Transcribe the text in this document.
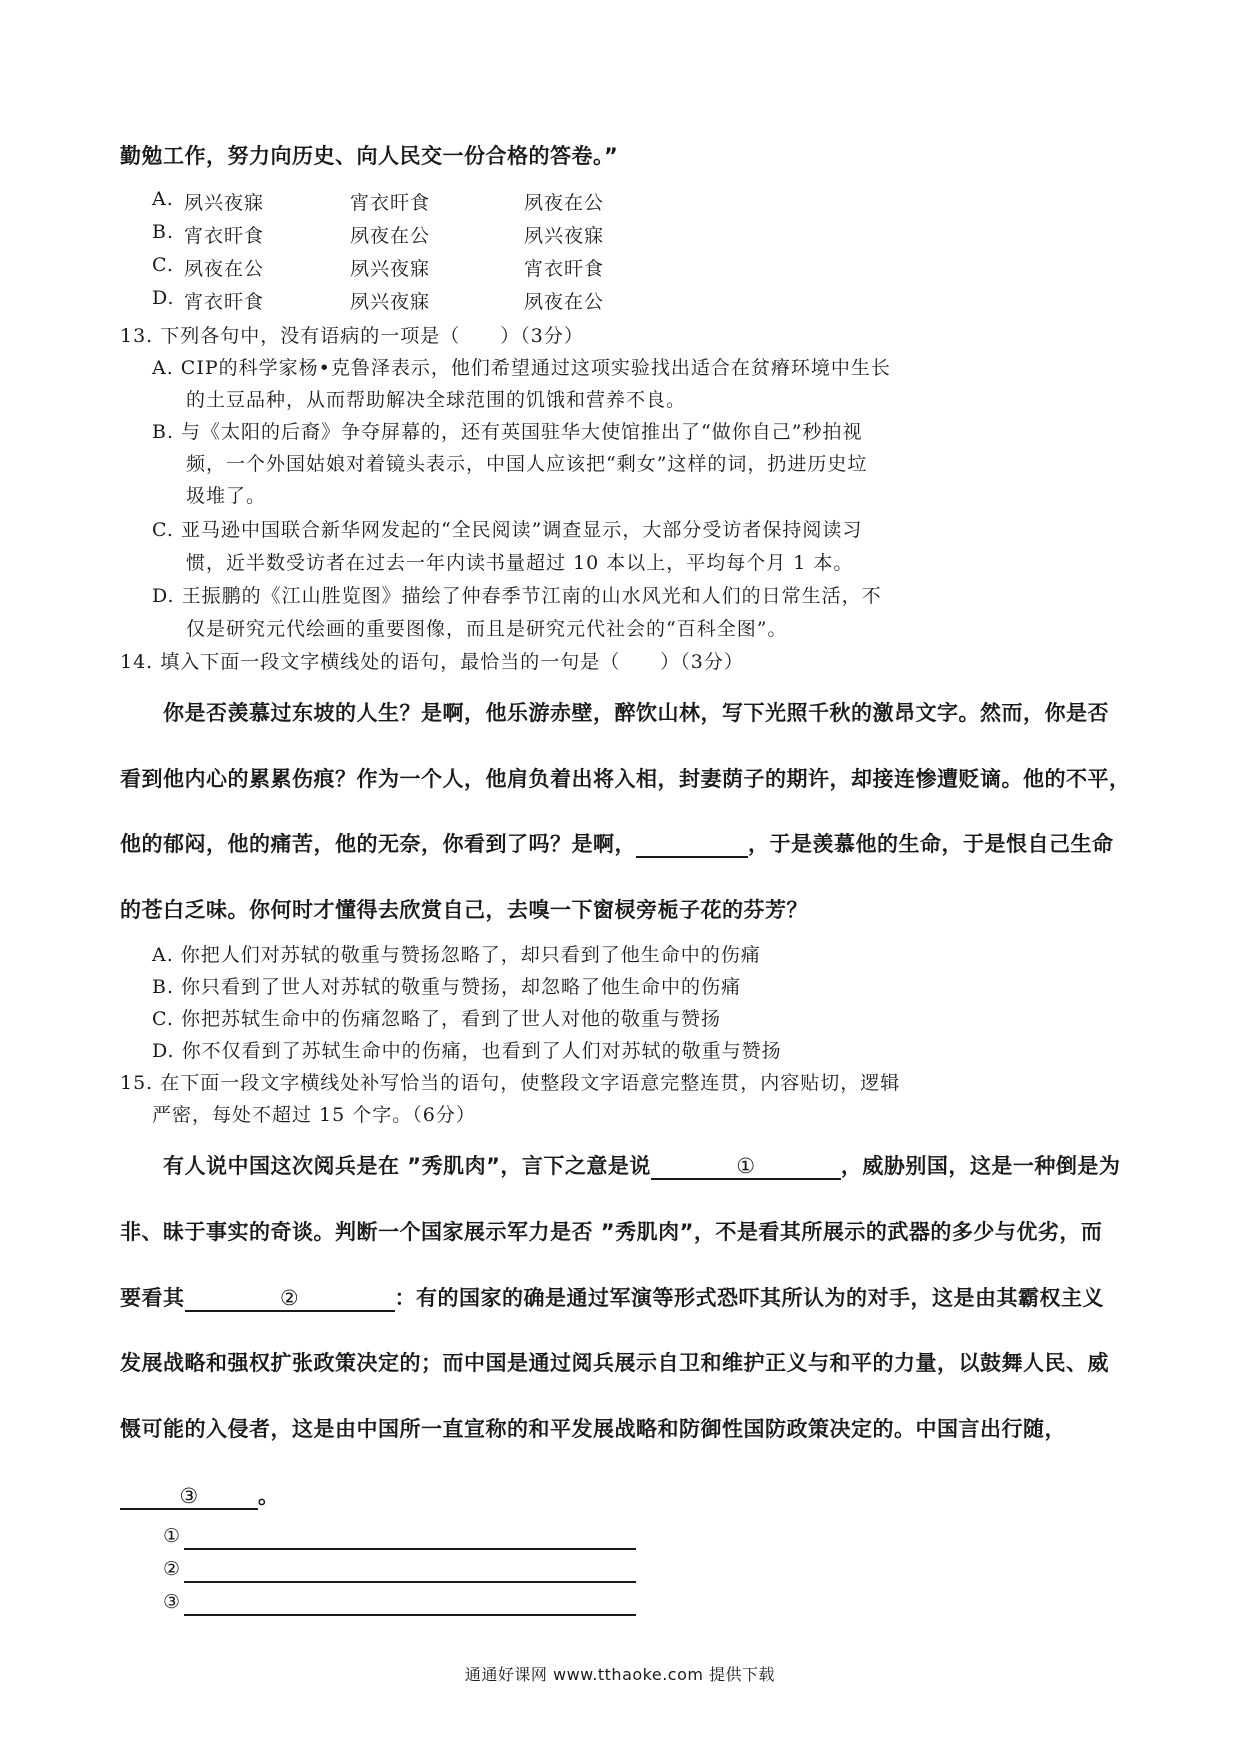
勤勉工作，努力向历史、向人民交一份合格的答卷。”
A. 夙兴夜寐	宵衣旰食	夙夜在公
B. 宵衣旰食	夙夜在公	夙兴夜寐
C. 夙夜在公	夙兴夜寐	宵衣旰食
D. 宵衣旰食	夙兴夜寐	夙夜在公
13. 下列各句中，没有语病的一项是（　　）（3分）
A. CIP的科学家杨•克鲁泽表示，他们希望通过这项实验找出适合在贫瘠环境中生长
的土豆品种，从而帮助解决全球范围的饥饿和营养不良。
B. 与《太阳的后裔》争夺屏幕的，还有英国驻华大使馆推出了“做你自己”秒拍视
频，一个外国姑娘对着镜头表示，中国人应该把“剩女”这样的词，扔进历史垃
圾堆了。
C. 亚马逊中国联合新华网发起的“全民阅读”调查显示，大部分受访者保持阅读习
惯，近半数受访者在过去一年内读书量超过 10 本以上，平均每个月 1 本。
D. 王振鹏的《江山胜览图》描绘了仲春季节江南的山水风光和人们的日常生活，不
仅是研究元代绘画的重要图像，而且是研究元代社会的“百科全图”。
14. 填入下面一段文字横线处的语句，最恰当的一句是（　　）（3分）
你是否羡慕过东坡的人生？是啊，他乐游赤壁，醉饮山林，写下光照千秋的激昂文字。然而，你是否
看到他内心的累累伤痕？作为一个人，他肩负着出将入相，封妻荫子的期许，却接连惨遭贬谪。他的不平，
他的郁闷，他的痛苦，他的无奈，你看到了吗？是啊，	，于是羡慕他的生命，于是恨自己生命
的苍白乏味。你何时才懂得去欣赏自己，去嗅一下窗棂旁栀子花的芬芳？
A. 你把人们对苏轼的敬重与赞扬忽略了，却只看到了他生命中的伤痛
B. 你只看到了世人对苏轼的敬重与赞扬，却忽略了他生命中的伤痛
C. 你把苏轼生命中的伤痛忽略了，看到了世人对他的敬重与赞扬
D. 你不仅看到了苏轼生命中的伤痛，也看到了人们对苏轼的敬重与赞扬
15. 在下面一段文字横线处补写恰当的语句，使整段文字语意完整连贯，内容贴切，逻辑
严密，每处不超过 15 个字。（6分）
有人说中国这次阅兵是在 ”秀肌肉”，言下之意是说	①	，威胁别国，这是一种倒是为
非、昧于事实的奇谈。判断一个国家展示军力是否 ”秀肌肉”，不是看其所展示的武器的多少与优劣，而
要看其	②	：有的国家的确是通过军演等形式恐吓其所认为的对手，这是由其霸权主义
发展战略和强权扩张政策决定的；而中国是通过阅兵展示自卫和维护正义与和平的力量，以鼓舞人民、威
慑可能的入侵者，这是由中国所一直宣称的和平发展战略和防御性国防政策决定的。中国言出行随，
③	。
①
②
③
通通好课网 www.tthaoke.com 提供下载
